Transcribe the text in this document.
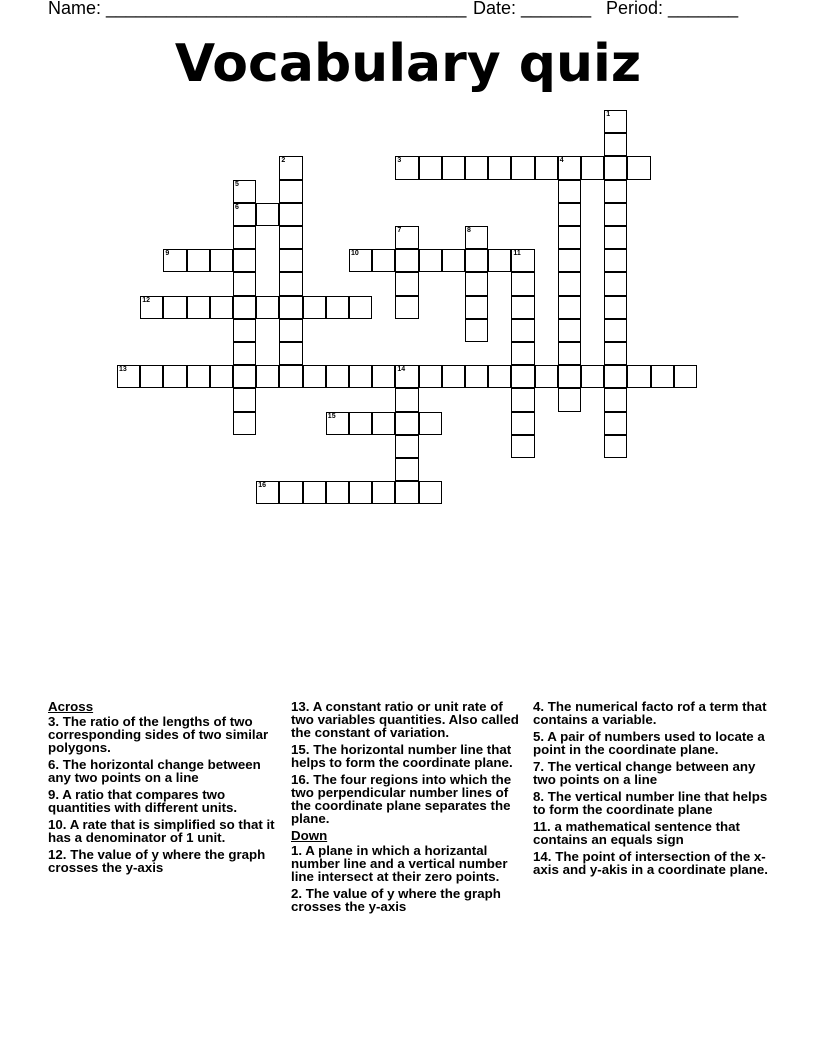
Name: ____________________________________ Date: _______ Period: _______
Vocabulary quiz
1
2	3	4
5
6
7	8
9	10	11
12
13	14
15
16
Across
3. The ratio of the lengths of two corresponding sides of two similar polygons.
6. The horizontal change between any two points on a line
9. A ratio that compares two quantities with different units.
10. A rate that is simplified so that it has a denominator of 1 unit.
12. The value of y where the graph crosses the y-axis
13. A constant ratio or unit rate of two variables quantities. Also called the constant of variation.
15. The horizontal number line that helps to form the coordinate plane.
16. The four regions into which the two perpendicular number lines of the coordinate plane separates the plane.
Down
1. A plane in which a horizantal number line and a vertical number line intersect at their zero points.
2. The value of y where the graph crosses the y-axis
4. The numerical facto rof a term that contains a variable.
5. A pair of numbers used to locate a point in the coordinate plane.
7. The vertical change between any two points on a line
8. The vertical number line that helps to form the coordinate plane
11. a mathematical sentence that contains an equals sign
14. The point of intersection of the x-axis and y-akis in a coordinate plane.
